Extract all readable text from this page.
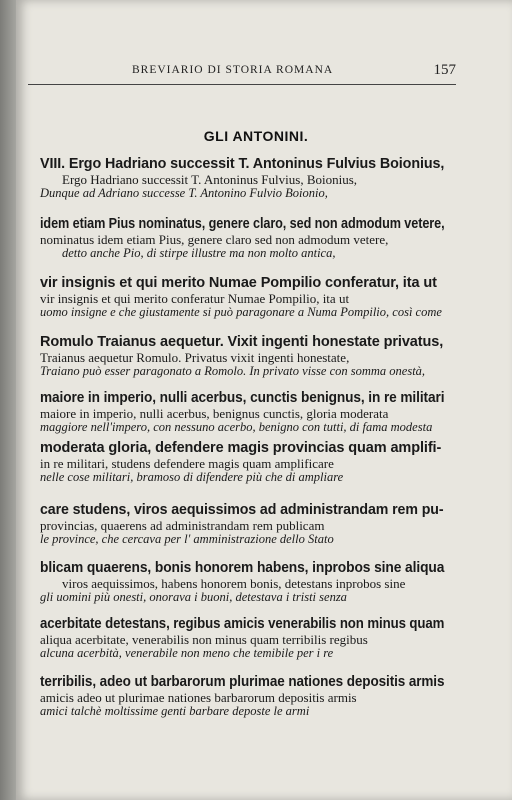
BREVIARIO DI STORIA ROMANA	157
GLI ANTONINI.
VIII. Ergo Hadriano successit T. Antoninus Fulvius Boionius,
Ergo Hadriano successit T. Antoninus Fulvius, Boionius,
Dunque ad Adriano successe T. Antonino Fulvio Boionio,
idem etiam Pius nominatus, genere claro, sed non admodum vetere,
nominatus idem etiam Pius, genere claro sed non admodum vetere,
detto anche Pio, di stirpe illustre ma non molto antica,
vir insignis et qui merito Numae Pompilio conferatur, ita ut
vir insignis et qui merito conferatur Numae Pompilio, ita ut
uomo insigne e che giustamente si può paragonare a Numa Pompilio, così come
Romulo Traianus aequetur. Vixit ingenti honestate privatus,
Traianus aequetur Romulo. Privatus vixit ingenti honestate,
Traiano può esser paragonato a Romolo. In privato visse con somma onestà,
maiore in imperio, nulli acerbus, cunctis benignus, in re militari
maiore in imperio, nulli acerbus, benignus cunctis, gloria moderata
maggiore nell'impero, con nessuno acerbo, benigno con tutti, di fama modesta
moderata gloria, defendere magis provincias quam amplifi-
in re militari, studens defendere magis quam amplificare
nelle cose militari, bramoso di difendere più che di ampliare
care studens, viros aequissimos ad administrandam rem pu-
provincias, quaerens ad administrandam rem publicam
le province, che cercava per l' amministrazione dello Stato
blicam quaerens, bonis honorem habens, inprobos sine aliqua
viros aequissimos, habens honorem bonis, detestans inprobos sine
gli uomini più onesti, onorava i buoni, detestava i tristi senza
acerbitate detestans, regibus amicis venerabilis non minus quam
aliqua acerbitate, venerabilis non minus quam terribilis regibus
alcuna acerbità, venerabile non meno che temibile per i re
terribilis, adeo ut barbarorum plurimae nationes depositis armis
amicis adeo ut plurimae nationes barbarorum depositis armis
amici talchè moltissime genti barbare deposte le armi
